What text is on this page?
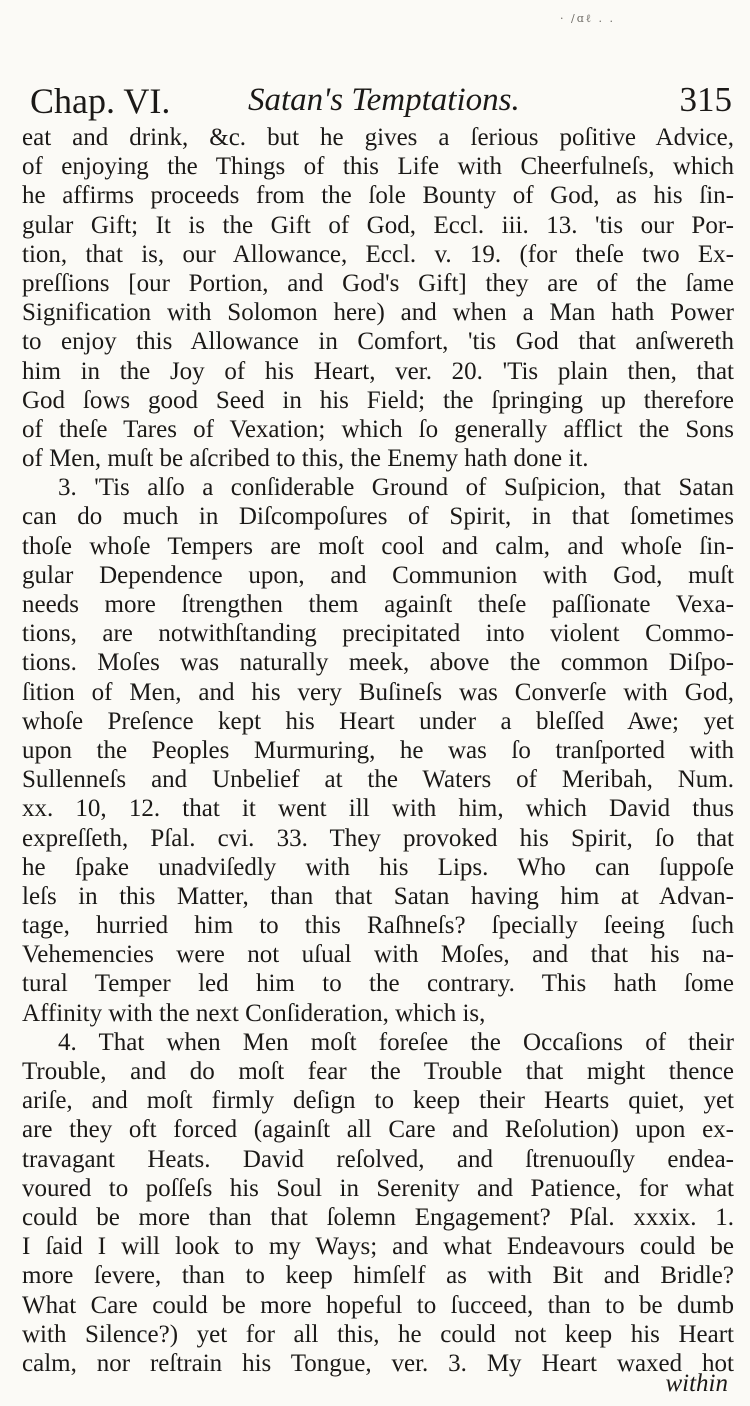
· ∕ɑℓ . .
Chap. VI. Satan's Temptations.	315
eat and drink, &c. but he gives a ſerious poſitive Advice,
of enjoying the Things of this Life with Cheerfulneſs, which
he affirms proceeds from the ſole Bounty of God, as his ſin-
gular Gift; It is the Gift of God, Eccl. iii. 13. 'tis our Por-
tion, that is, our Allowance, Eccl. v. 19. (for theſe two Ex-
preſſions [our Portion, and God's Gift] they are of the ſame
Signification with Solomon here) and when a Man hath Power
to enjoy this Allowance in Comfort, 'tis God that anſwereth
him in the Joy of his Heart, ver. 20. 'Tis plain then, that
God ſows good Seed in his Field; the ſpringing up therefore
of theſe Tares of Vexation; which ſo generally afflict the Sons
of Men, muſt be aſcribed to this, the Enemy hath done it.
3. 'Tis alſo a conſiderable Ground of Suſpicion, that Satan
can do much in Diſcompoſures of Spirit, in that ſometimes
thoſe whoſe Tempers are moſt cool and calm, and whoſe ſin-
gular Dependence upon, and Communion with God, muſt
needs more ſtrengthen them againſt theſe paſſionate Vexa-
tions, are notwithſtanding precipitated into violent Commo-
tions. Moſes was naturally meek, above the common Diſpo-
ſition of Men, and his very Buſineſs was Converſe with God,
whoſe Preſence kept his Heart under a bleſſed Awe; yet
upon the Peoples Murmuring, he was ſo tranſported with
Sullenneſs and Unbelief at the Waters of Meribah, Num.
xx. 10, 12. that it went ill with him, which David thus
expreſſeth, Pſal. cvi. 33. They provoked his Spirit, ſo that
he ſpake unadviſedly with his Lips. Who can ſuppoſe
leſs in this Matter, than that Satan having him at Advan-
tage, hurried him to this Raſhneſs? ſpecially ſeeing ſuch
Vehemencies were not uſual with Moſes, and that his na-
tural Temper led him to the contrary. This hath ſome
Affinity with the next Conſideration, which is,
4. That when Men moſt foreſee the Occaſions of their
Trouble, and do moſt fear the Trouble that might thence
ariſe, and moſt firmly deſign to keep their Hearts quiet, yet
are they oft forced (againſt all Care and Reſolution) upon ex-
travagant Heats. David reſolved, and ſtrenuouſly endea-
voured to poſſeſs his Soul in Serenity and Patience, for what
could be more than that ſolemn Engagement? Pſal. xxxix. 1.
I ſaid I will look to my Ways; and what Endeavours could be
more ſevere, than to keep himſelf as with Bit and Bridle?
What Care could be more hopeful to ſucceed, than to be dumb
with Silence?) yet for all this, he could not keep his Heart
calm, nor reſtrain his Tongue, ver. 3. My Heart waxed hot
within
